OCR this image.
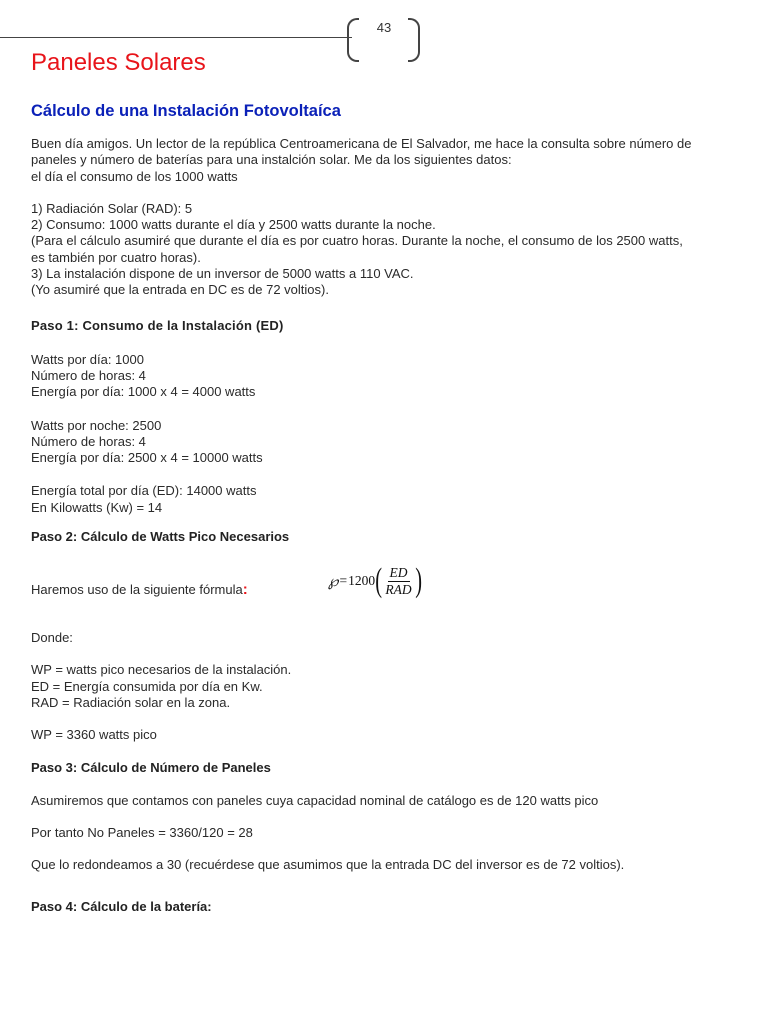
43
Paneles Solares
Cálculo de una Instalación Fotovoltaíca

Buen día amigos. Un lector de la república Centroamericana de El Salvador, me hace la consulta sobre número de

paneles y número de baterías para una instalción solar. Me da los siguientes datos:

el día el consumo de los 1000 watts

1) Radiación Solar (RAD): 5

2) Consumo: 1000 watts durante el día y 2500 watts durante la noche.

(Para el cálculo asumiré que durante el día es por cuatro horas. Durante la noche, el consumo de los 2500 watts,

es también por cuatro horas).

3) La instalación dispone de un inversor de 5000 watts a 110 VAC.

(Yo asumiré que la entrada en DC es de 72 voltios).

Paso 1: Consumo de la Instalación (ED)

Watts por día: 1000

Número de horas: 4

Energía por día: 1000 x 4 = 4000 watts

Watts por noche: 2500

Número de horas: 4

Energía por día: 2500 x 4 = 10000 watts

Energía total por día (ED): 14000 watts

En Kilowatts (Kw) = 14

Paso 2: Cálculo de Watts Pico Necesarios

Haremos uso de la siguiente fórmula:	℘ = 1200 ( $\frac{ED}{\text{RAD}}$ )

Donde:

WP = watts pico necesarios de la instalación.

ED = Energía consumida por día en Kw.

RAD = Radiación solar en la zona.

WP = 3360 watts pico

Paso 3: Cálculo de Número de Paneles

Asumiremos que contamos con paneles cuya capacidad nominal de catálogo es de 120 watts pico

Por tanto No Paneles = 3360/120 = 28

Que lo redondeamos a 30 (recuérdese que asumimos que la entrada DC del inversor es de 72 voltios).

Paso 4: Cálculo de la batería:
